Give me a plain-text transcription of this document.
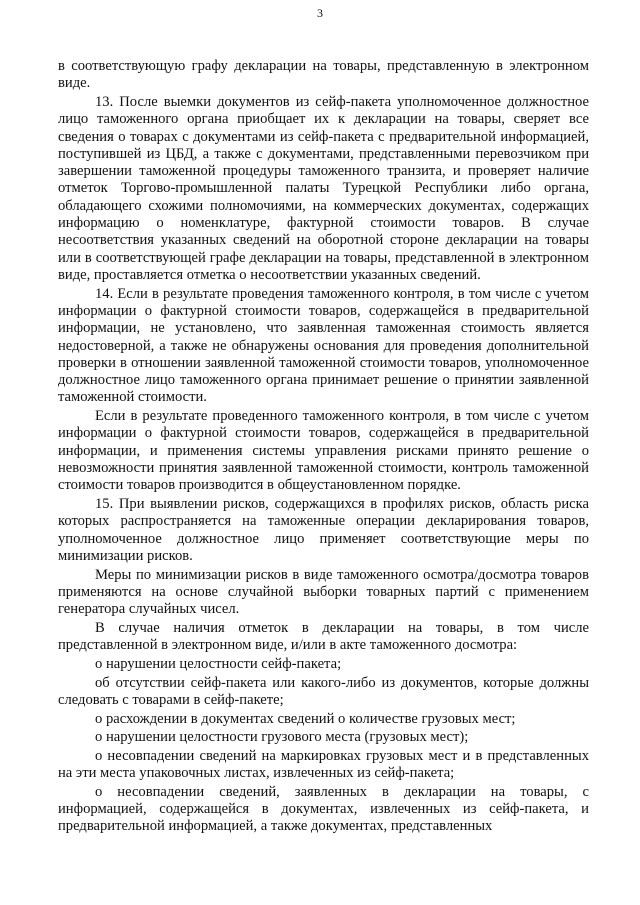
3

в соответствующую графу декларации на товары, представленную в электронном виде.

13. После выемки документов из сейф-пакета уполномоченное должностное лицо таможенного органа приобщает их к декларации на товары, сверяет все сведения о товарах с документами из сейф-пакета с предварительной информацией, поступившей из ЦБД, а также с документами, представленными перевозчиком при завершении таможенной процедуры таможенного транзита, и проверяет наличие отметок Торгово-промышленной палаты Турецкой Республики либо органа, обладающего схожими полномочиями, на коммерческих документах, содержащих информацию о номенклатуре, фактурной стоимости товаров. В случае несоответствия указанных сведений на оборотной стороне декларации на товары или в соответствующей графе декларации на товары, представленной в электронном виде, проставляется отметка о несоответствии указанных сведений.

14. Если в результате проведения таможенного контроля, в том числе с учетом информации о фактурной стоимости товаров, содержащейся в предварительной информации, не установлено, что заявленная таможенная стоимость является недостоверной, а также не обнаружены основания для проведения дополнительной проверки в отношении заявленной таможенной стоимости товаров, уполномоченное должностное лицо таможенного органа принимает решение о принятии заявленной таможенной стоимости.

Если в результате проведенного таможенного контроля, в том числе с учетом информации о фактурной стоимости товаров, содержащейся в предварительной информации, и применения системы управления рисками принято решение о невозможности принятия заявленной таможенной стоимости, контроль таможенной стоимости товаров производится в общеустановленном порядке.

15. При выявлении рисков, содержащихся в профилях рисков, область риска которых распространяется на таможенные операции декларирования товаров, уполномоченное должностное лицо применяет соответствующие меры по минимизации рисков.

Меры по минимизации рисков в виде таможенного осмотра/досмотра товаров применяются на основе случайной выборки товарных партий с применением генератора случайных чисел.

В случае наличия отметок в декларации на товары, в том числе представленной в электронном виде, и/или в акте таможенного досмотра:

о нарушении целостности сейф-пакета;

об отсутствии сейф-пакета или какого-либо из документов, которые должны следовать с товарами в сейф-пакете;

о расхождении в документах сведений о количестве грузовых мест;

о нарушении целостности грузового места (грузовых мест);

о несовпадении сведений на маркировках грузовых мест и в представленных на эти места упаковочных листах, извлеченных из сейф-пакета;

о несовпадении сведений, заявленных в декларации на товары, с информацией, содержащейся в документах, извлеченных из сейф-пакета, и предварительной информацией, а также документах, представленных
